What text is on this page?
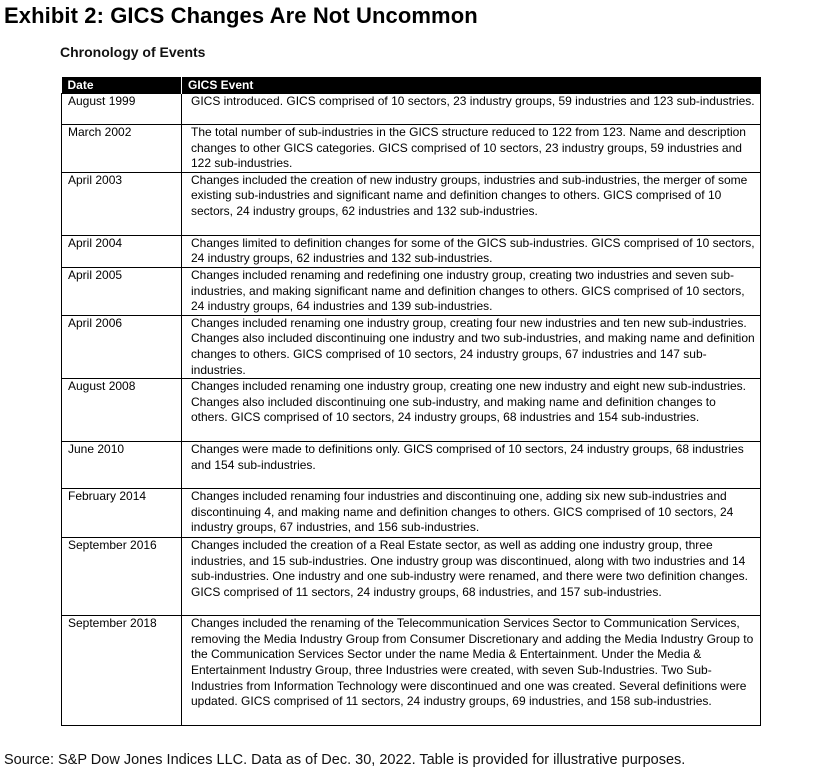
Exhibit 2: GICS Changes Are Not Uncommon
Chronology of Events
Date	GICS Event
August 1999	GICS introduced. GICS comprised of 10 sectors, 23 industry groups, 59 industries and 123 sub-industries.
March 2002	The total number of sub-industries in the GICS structure reduced to 122 from 123. Name and description changes to other GICS categories. GICS comprised of 10 sectors, 23 industry groups, 59 industries and 122 sub-industries.
April 2003	Changes included the creation of new industry groups, industries and sub-industries, the merger of some existing sub-industries and significant name and definition changes to others. GICS comprised of 10 sectors, 24 industry groups, 62 industries and 132 sub-industries.
April 2004	Changes limited to definition changes for some of the GICS sub-industries. GICS comprised of 10 sectors, 24 industry groups, 62 industries and 132 sub-industries.
April 2005	Changes included renaming and redefining one industry group, creating two industries and seven sub-industries, and making significant name and definition changes to others. GICS comprised of 10 sectors, 24 industry groups, 64 industries and 139 sub-industries.
April 2006	Changes included renaming one industry group, creating four new industries and ten new sub-industries. Changes also included discontinuing one industry and two sub-industries, and making name and definition changes to others. GICS comprised of 10 sectors, 24 industry groups, 67 industries and 147 sub-industries.
August 2008	Changes included renaming one industry group, creating one new industry and eight new sub-industries. Changes also included discontinuing one sub-industry, and making name and definition changes to others. GICS comprised of 10 sectors, 24 industry groups, 68 industries and 154 sub-industries.
June 2010	Changes were made to definitions only. GICS comprised of 10 sectors, 24 industry groups, 68 industries and 154 sub-industries.
February 2014	Changes included renaming four industries and discontinuing one, adding six new sub-industries and discontinuing 4, and making name and definition changes to others. GICS comprised of 10 sectors, 24 industry groups, 67 industries, and 156 sub-industries.
September 2016	Changes included the creation of a Real Estate sector, as well as adding one industry group, three industries, and 15 sub-industries. One industry group was discontinued, along with two industries and 14 sub-industries. One industry and one sub-industry were renamed, and there were two definition changes. GICS comprised of 11 sectors, 24 industry groups, 68 industries, and 157 sub-industries.
September 2018	Changes included the renaming of the Telecommunication Services Sector to Communication Services, removing the Media Industry Group from Consumer Discretionary and adding the Media Industry Group to the Communication Services Sector under the name Media & Entertainment. Under the Media & Entertainment Industry Group, three Industries were created, with seven Sub-Industries. Two Sub-Industries from Information Technology were discontinued and one was created. Several definitions were updated. GICS comprised of 11 sectors, 24 industry groups, 69 industries, and 158 sub-industries.
Source: S&P Dow Jones Indices LLC. Data as of Dec. 30, 2022. Table is provided for illustrative purposes.
